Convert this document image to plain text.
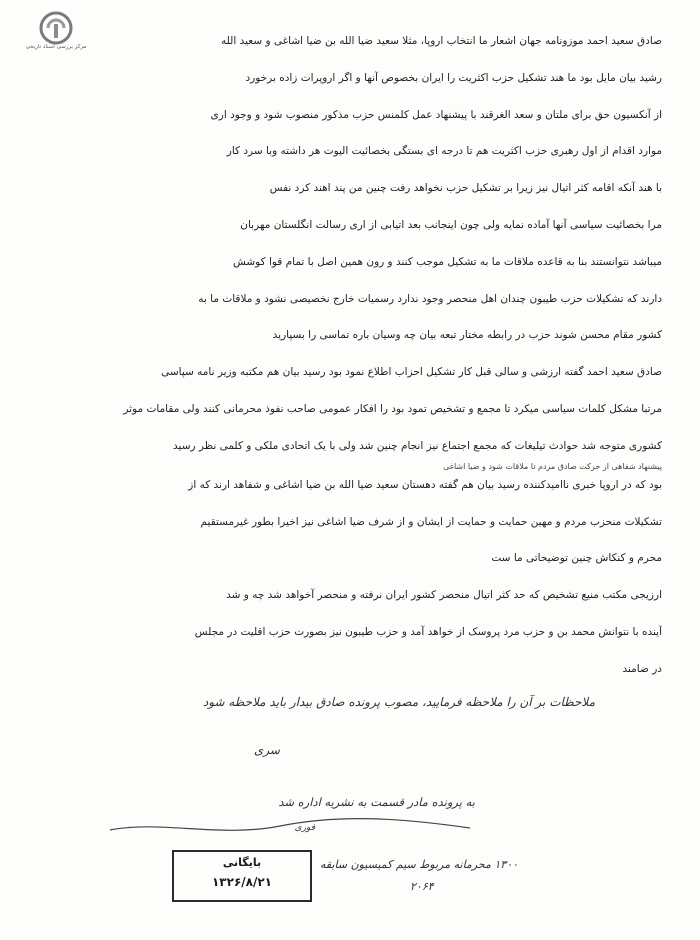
مرکز بررسی اسناد تاریخی	صادق سعید احمد موزونامه جهان اشعار ما انتخاب اروپا، مثلا سعید ضیا الله بن ضیا اشاغی و سعید الله
رشید بیان مایل بود ما هند تشکیل حزب اکثریت را ایران بخصوص آنها و اگر اروپرات زاده برخورد
از آنکسیون حق برای ملتان و سعد الغرقند با پیشنهاد عمل کلمنس حزب مذکور منصوب شود و وجود اری
موارد اقدام از اول رهبری حزب اکثریت هم تا درجه ای بستگی بخصائیت الیوت هر داشته وبا سرد کار
با هند آنکه اقامه کثر اتیال نیز زیرا بر تشکیل حزب نخواهد رفت چنین من پند اهند کرد نفس
مرا بخصائیت سیاسی آنها آماده نمایه ولی چون اینجانب بعد اتیابی از اری رسالت انگلستان مهربان
میباشد نتوانستند بنا به قاعده ملاقات ما به تشکیل موجب کنند و رون همین اصل با تمام قوا کوشش
دارند که تشکیلات حزب طیبون چندان اهل منحصر وجود ندارد رسمیات خارج نخصیصی نشود و ملاقات ما به
کشور مقام محسن شوند حزب در رابطه مختار تبعه بیان چه وسیان باره تماسی را بسپارید
صادق سعید احمد گفته ارزشی و سالی قبل کار تشکیل احزاب اطلاع نمود بود رسید بیان هم مکتبه وزیر نامه سپاسی
مرتبا مشکل کلمات سیاسی میکرد تا مجمع و تشخیص تمود بود را افکار عمومی صاحب نفوذ محرمانی کنند ولی مقامات موثر
کشوری متوجه شد حوادث تیلیغات که مجمع اجتماع نیز انجام چنین شد ولی با یک اتحادی ملکی و کلمی نظر رسید
پیشنهاد شفاهی از حرکت صادق مردم تا ملاقات شود و ضیا اشاغی
بود که در اروپا خبری ناامیدکننده رسید بیان هم گفته دهستان سعید ضیا الله بن ضیا اشاغی و شفاهد ارند که از
تشکیلات منحزب مردم و مهین حمایت و حمایت از ایشان و از شرف ضیا اشاغی نیز اخیرا بطور غیرمستقیم
محرم و کنکاش چنین توضیحاتی ما ست
ارزیجی مکتب منیع تشخیص که حد کثر اتیال منحصر کشور ایران نرفته و منحصر آخواهد شد چه و شد
آینده با نتوانش محمد بن و حزب مرد پروسک از خواهد آمد و حزب طیبون نیز بصورت حزب اقلیت در مجلس
در ضامند
ملاحظات بر آن را ملاحظه فرمایید، مصوب پرونده صادق بیدار باید ملاحظه شود
سری
به پرونده مادر قسمت به نشریه اداره شد
فوری
بایگانی
۱۳۲۶/۸/۲۱
۱۳۰۰ محرمانه مربوط سیم کمیسیون سابقه
۲۰۶۴
